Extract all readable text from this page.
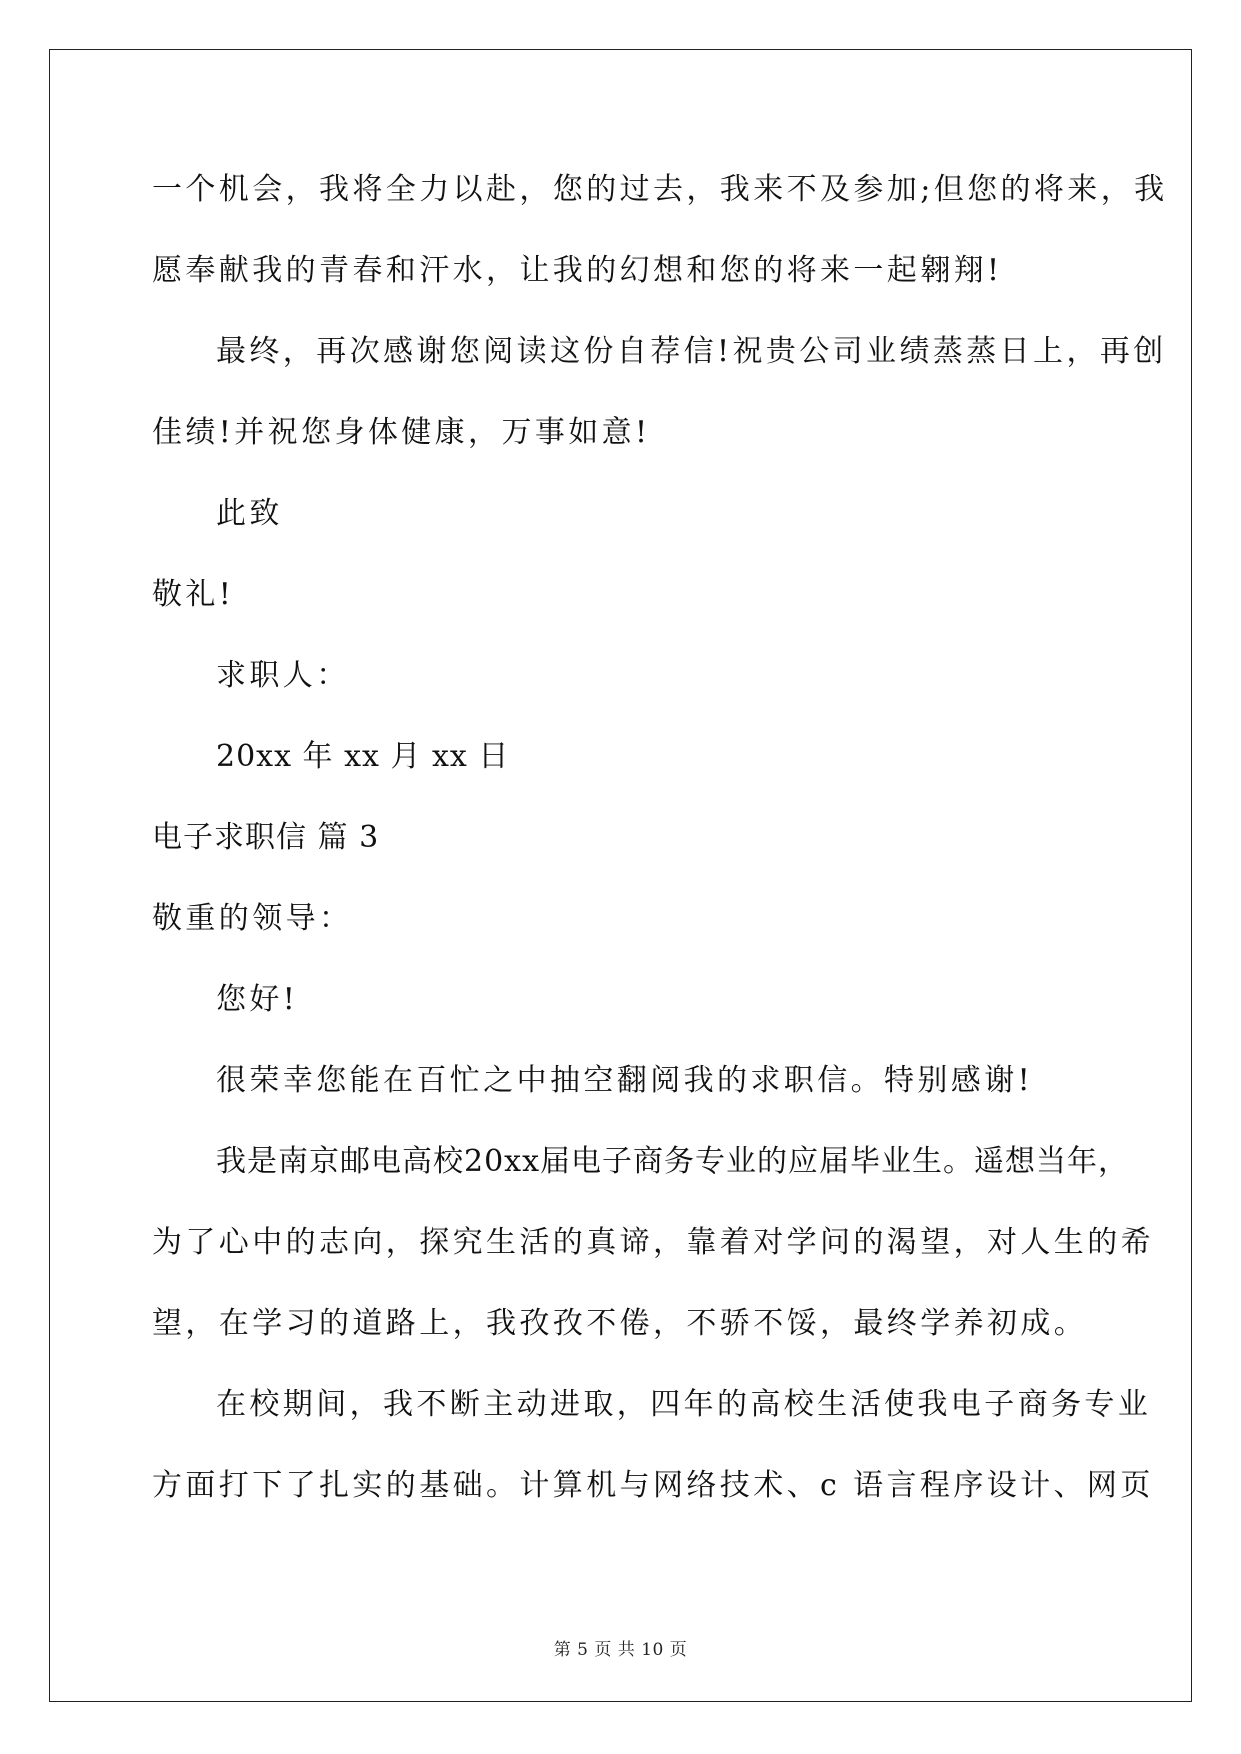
一个机会，我将全力以赴，您的过去，我来不及参加;但您的将来，我
愿奉献我的青春和汗水，让我的幻想和您的将来一起翱翔!
最终，再次感谢您阅读这份自荐信!祝贵公司业绩蒸蒸日上，再创
佳绩!并祝您身体健康，万事如意!
此致
敬礼!
求职人：
20xx 年 xx 月 xx 日
电子求职信 篇 3
敬重的领导：
您好!
很荣幸您能在百忙之中抽空翻阅我的求职信。特别感谢!
我是南京邮电高校20xx届电子商务专业的应届毕业生。遥想当年，
为了心中的志向，探究生活的真谛，靠着对学问的渴望，对人生的希
望，在学习的道路上，我孜孜不倦，不骄不馁，最终学养初成。
在校期间，我不断主动进取，四年的高校生活使我电子商务专业
方面打下了扎实的基础。计算机与网络技术、c 语言程序设计、网页
第 5 页 共 10 页
